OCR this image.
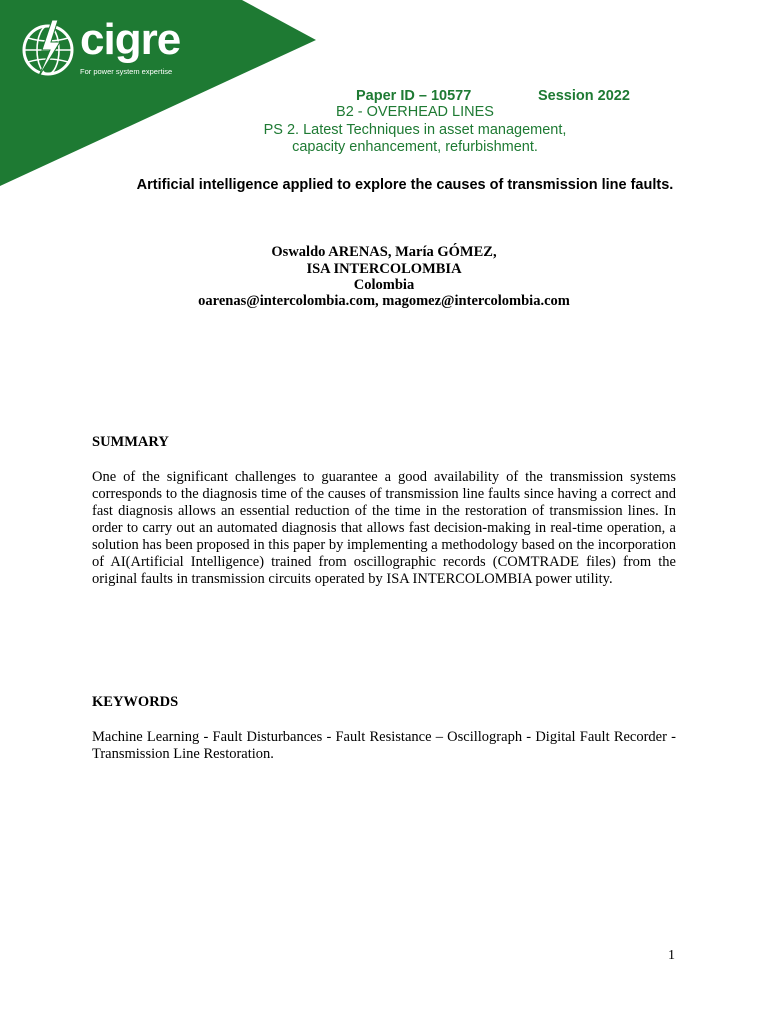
cigre
For power system expertise
Paper ID – 10577	Session 2022
B2 - OVERHEAD LINES
PS 2. Latest Techniques in asset management,
capacity enhancement, refurbishment.
Artificial intelligence applied to explore the causes of transmission line faults.
Oswaldo ARENAS, María GÓMEZ,
ISA INTERCOLOMBIA
Colombia
oarenas@intercolombia.com, magomez@intercolombia.com
SUMMARY
One of the significant challenges to guarantee a good availability of the transmission systems corresponds to the diagnosis time of the causes of transmission line faults since having a correct and fast diagnosis allows an essential reduction of the time in the restoration of transmission lines. In order to carry out an automated diagnosis that allows fast decision-making in real-time operation, a solution has been proposed in this paper by implementing a methodology based on the incorporation of AI(Artificial Intelligence) trained from oscillographic records (COMTRADE files) from the original faults in transmission circuits operated by ISA INTERCOLOMBIA power utility.
KEYWORDS
Machine Learning - Fault Disturbances - Fault Resistance – Oscillograph - Digital Fault Recorder - Transmission Line Restoration.
1
